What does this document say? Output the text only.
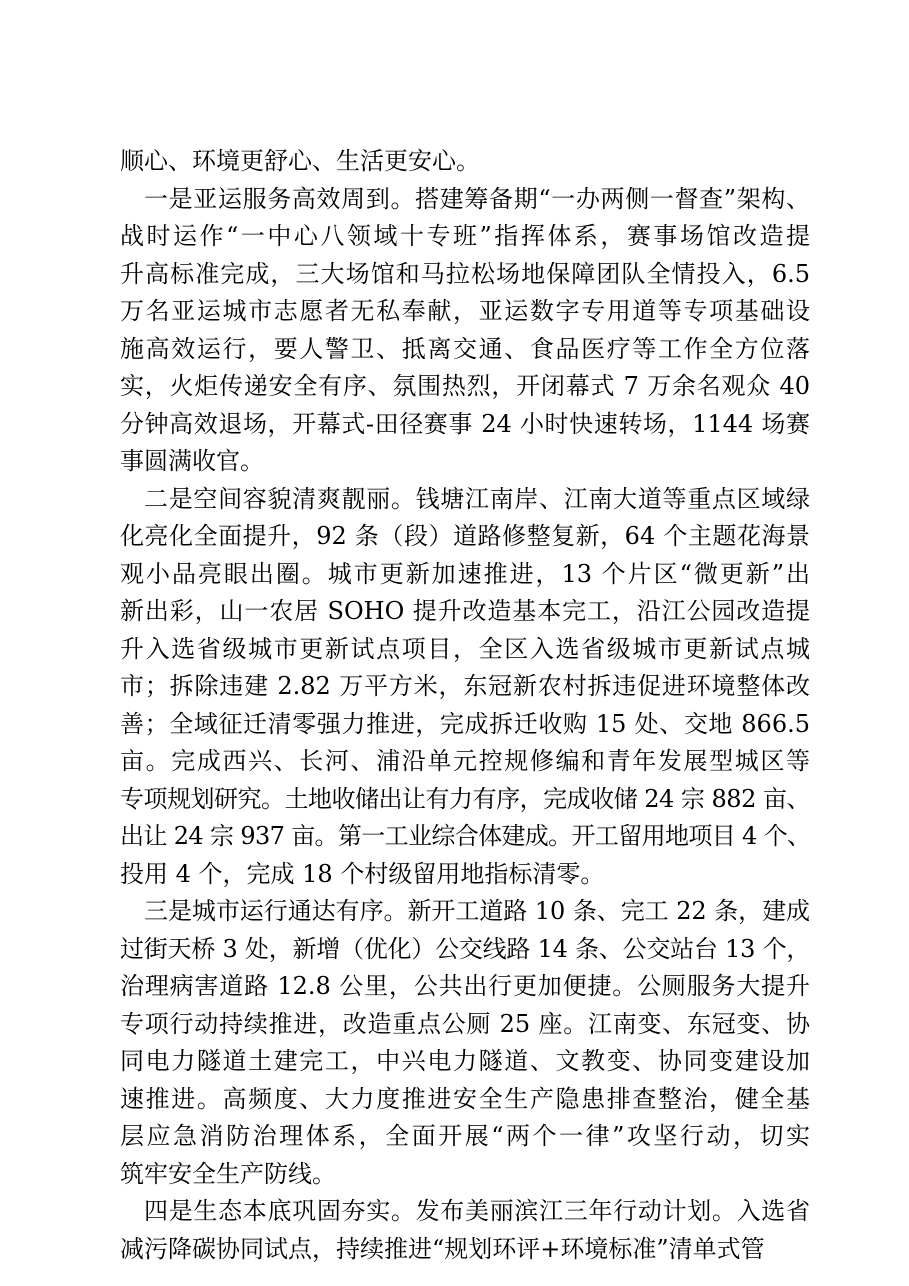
顺心、环境更舒心、生活更安心。
一是亚运服务高效周到。搭建筹备期“一办两侧一督查”架构、
战时运作“一中心八领域十专班”指挥体系，赛事场馆改造提
升高标准完成，三大场馆和马拉松场地保障团队全情投入，6.5
万名亚运城市志愿者无私奉献，亚运数字专用道等专项基础设
施高效运行，要人警卫、抵离交通、食品医疗等工作全方位落
实，火炬传递安全有序、氛围热烈，开闭幕式 7 万余名观众 40
分钟高效退场，开幕式-田径赛事 24 小时快速转场，1144 场赛
事圆满收官。
二是空间容貌清爽靓丽。钱塘江南岸、江南大道等重点区域绿
化亮化全面提升，92 条（段）道路修整复新，64 个主题花海景
观小品亮眼出圈。城市更新加速推进，13 个片区“微更新”出
新出彩，山一农居 SOHO 提升改造基本完工，沿江公园改造提
升入选省级城市更新试点项目，全区入选省级城市更新试点城
市；拆除违建 2.82 万平方米，东冠新农村拆违促进环境整体改
善；全域征迁清零强力推进，完成拆迁收购 15 处、交地 866.5
亩。完成西兴、长河、浦沿单元控规修编和青年发展型城区等
专项规划研究。土地收储出让有力有序，完成收储 24 宗 882 亩、
出让 24 宗 937 亩。第一工业综合体建成。开工留用地项目 4 个、
投用 4 个，完成 18 个村级留用地指标清零。
三是城市运行通达有序。新开工道路 10 条、完工 22 条，建成
过街天桥 3 处，新增（优化）公交线路 14 条、公交站台 13 个，
治理病害道路 12.8 公里，公共出行更加便捷。公厕服务大提升
专项行动持续推进，改造重点公厕 25 座。江南变、东冠变、协
同电力隧道土建完工，中兴电力隧道、文教变、协同变建设加
速推进。高频度、大力度推进安全生产隐患排查整治，健全基
层应急消防治理体系，全面开展“两个一律”攻坚行动，切实
筑牢安全生产防线。
四是生态本底巩固夯实。发布美丽滨江三年行动计划。入选省
减污降碳协同试点，持续推进“规划环评+环境标准”清单式管
